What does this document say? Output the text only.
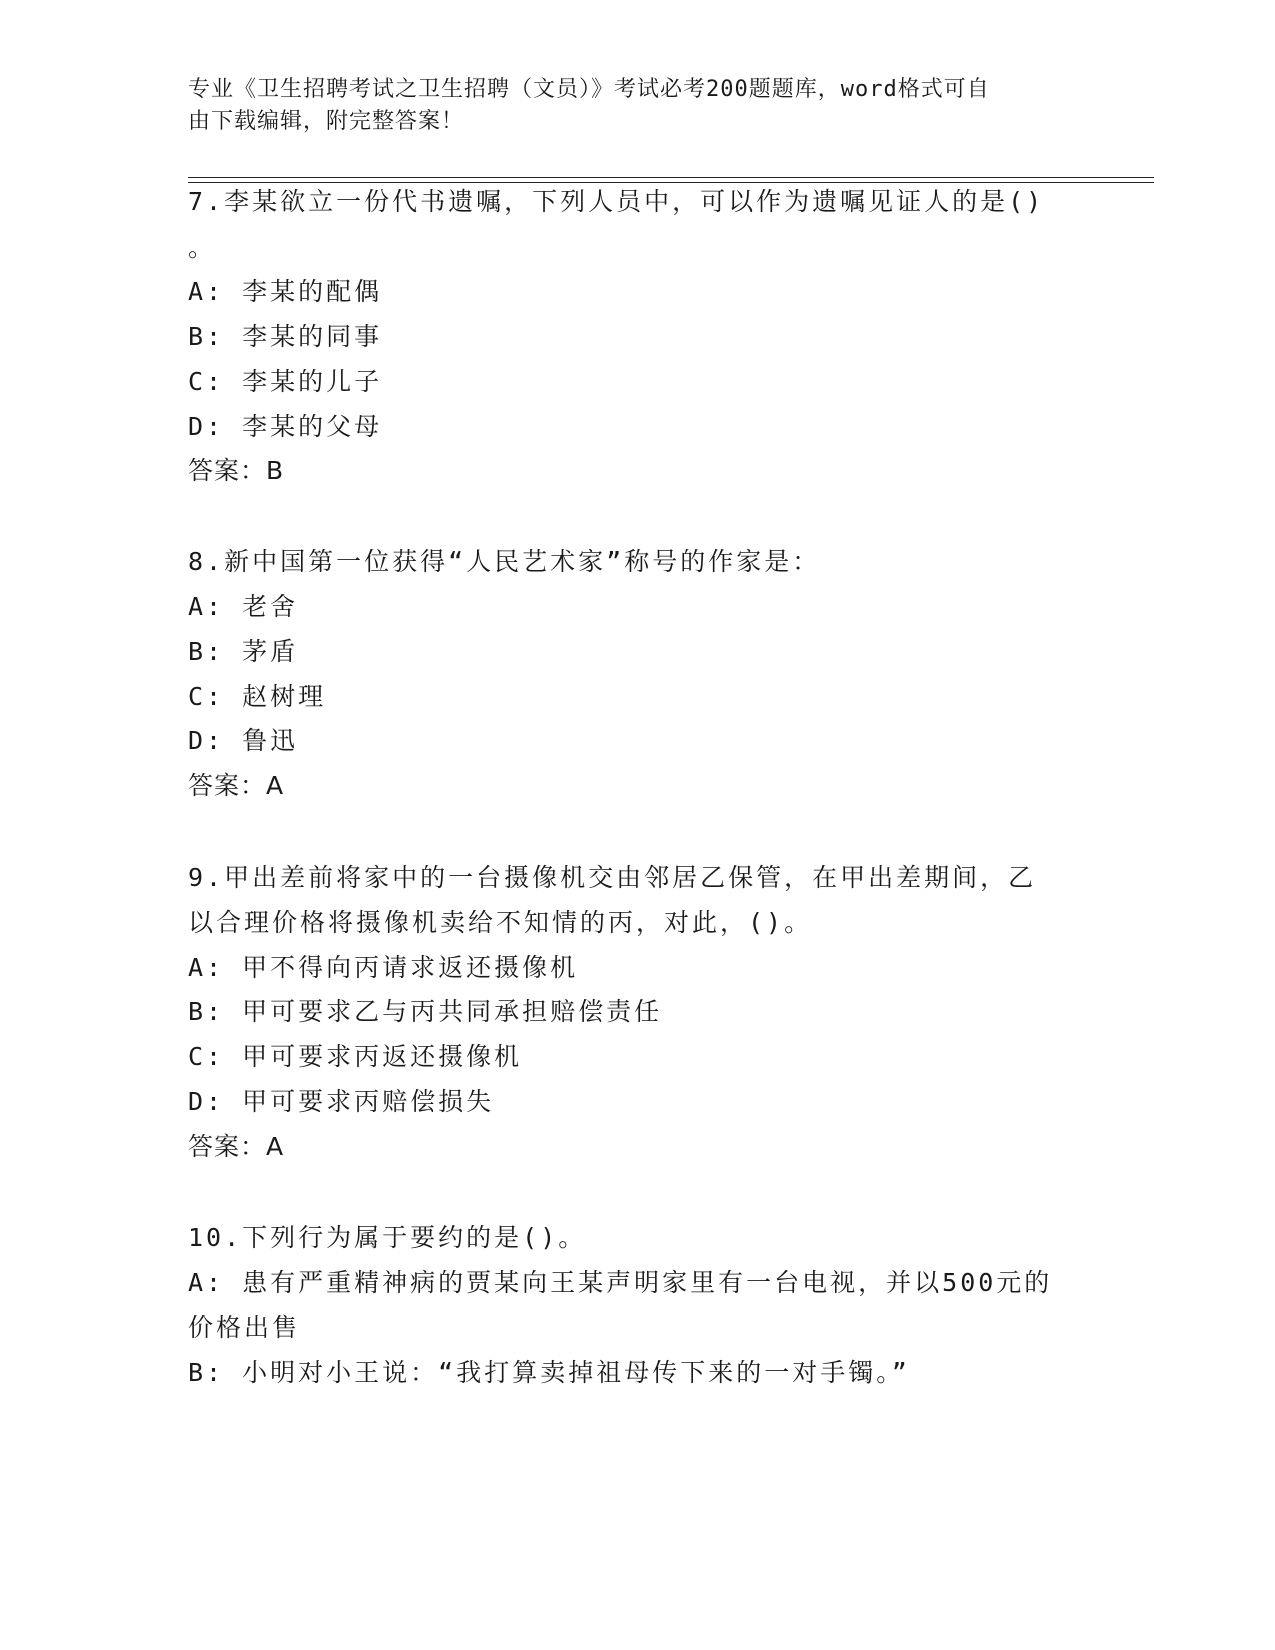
专业《卫生招聘考试之卫生招聘（文员）》考试必考200题题库，word格式可自
由下载编辑，附完整答案！
7.李某欲立一份代书遗嘱，下列人员中，可以作为遗嘱见证人的是()
。
A: 李某的配偶
B: 李某的同事
C: 李某的儿子
D: 李某的父母
答案：B
8.新中国第一位获得“人民艺术家”称号的作家是：
A: 老舍
B: 茅盾
C: 赵树理
D: 鲁迅
答案：A
9.甲出差前将家中的一台摄像机交由邻居乙保管，在甲出差期间，乙
以合理价格将摄像机卖给不知情的丙，对此，()。
A: 甲不得向丙请求返还摄像机
B: 甲可要求乙与丙共同承担赔偿责任
C: 甲可要求丙返还摄像机
D: 甲可要求丙赔偿损失
答案：A
10.下列行为属于要约的是()。
A: 患有严重精神病的贾某向王某声明家里有一台电视，并以500元的
价格出售
B: 小明对小王说：“我打算卖掉祖母传下来的一对手镯。”
